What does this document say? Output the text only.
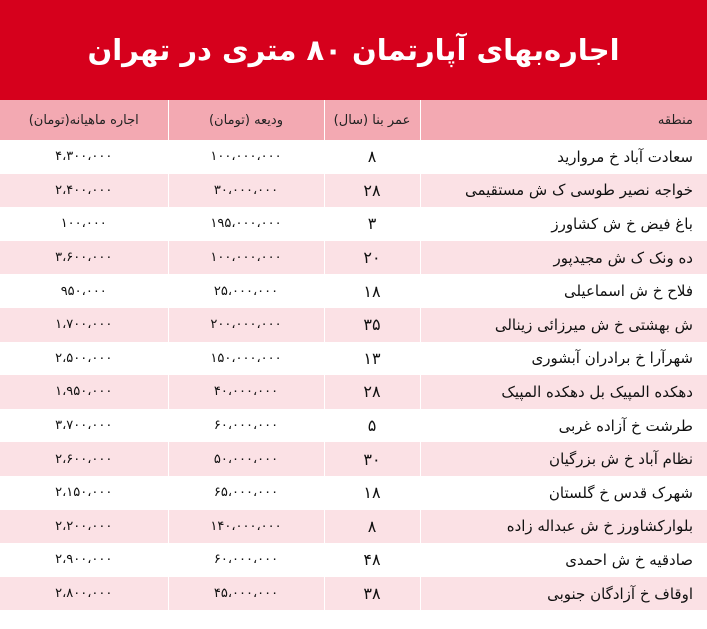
اجاره‌بهای آپارتمان ۸۰ متری در تهران
منطقه	عمر بنا (سال)	ودیعه (تومان)	اجاره ماهیانه(تومان)
سعادت آباد خ مرواريد	۸	۱۰۰،۰۰۰،۰۰۰	۴،۳۰۰،۰۰۰
خواجه نصير طوسی ک ش مستقيمی	۲۸	۳۰،۰۰۰،۰۰۰	۲،۴۰۰،۰۰۰
باغ فيض خ ش کشاورز	۳	۱۹۵،۰۰۰،۰۰۰	۱۰۰،۰۰۰
ده ونک ک ش مجيدپور	۲۰	۱۰۰،۰۰۰،۰۰۰	۳،۶۰۰،۰۰۰
فلاح خ ش اسماعيلی	۱۸	۲۵،۰۰۰،۰۰۰	۹۵۰،۰۰۰
ش بهشتی خ ش ميرزائی زينالی	۳۵	۲۰۰،۰۰۰،۰۰۰	۱،۷۰۰،۰۰۰
شهرآرا خ برادران آبشوری	۱۳	۱۵۰،۰۰۰،۰۰۰	۲،۵۰۰،۰۰۰
دهکده المپيک بل دهکده المپيک	۲۸	۴۰،۰۰۰،۰۰۰	۱،۹۵۰،۰۰۰
طرشت خ آزاده غربی	۵	۶۰،۰۰۰،۰۰۰	۳،۷۰۰،۰۰۰
نظام آباد خ ش بزرگيان	۳۰	۵۰،۰۰۰،۰۰۰	۲،۶۰۰،۰۰۰
شهرک قدس خ گلستان	۱۸	۶۵،۰۰۰،۰۰۰	۲،۱۵۰،۰۰۰
بلوارکشاورز خ ش عبداله زاده	۸	۱۴۰،۰۰۰،۰۰۰	۲،۲۰۰،۰۰۰
صادقيه خ ش احمدی	۴۸	۶۰،۰۰۰،۰۰۰	۲،۹۰۰،۰۰۰
اوقاف خ آزادگان جنوبی	۳۸	۴۵،۰۰۰،۰۰۰	۲،۸۰۰،۰۰۰
